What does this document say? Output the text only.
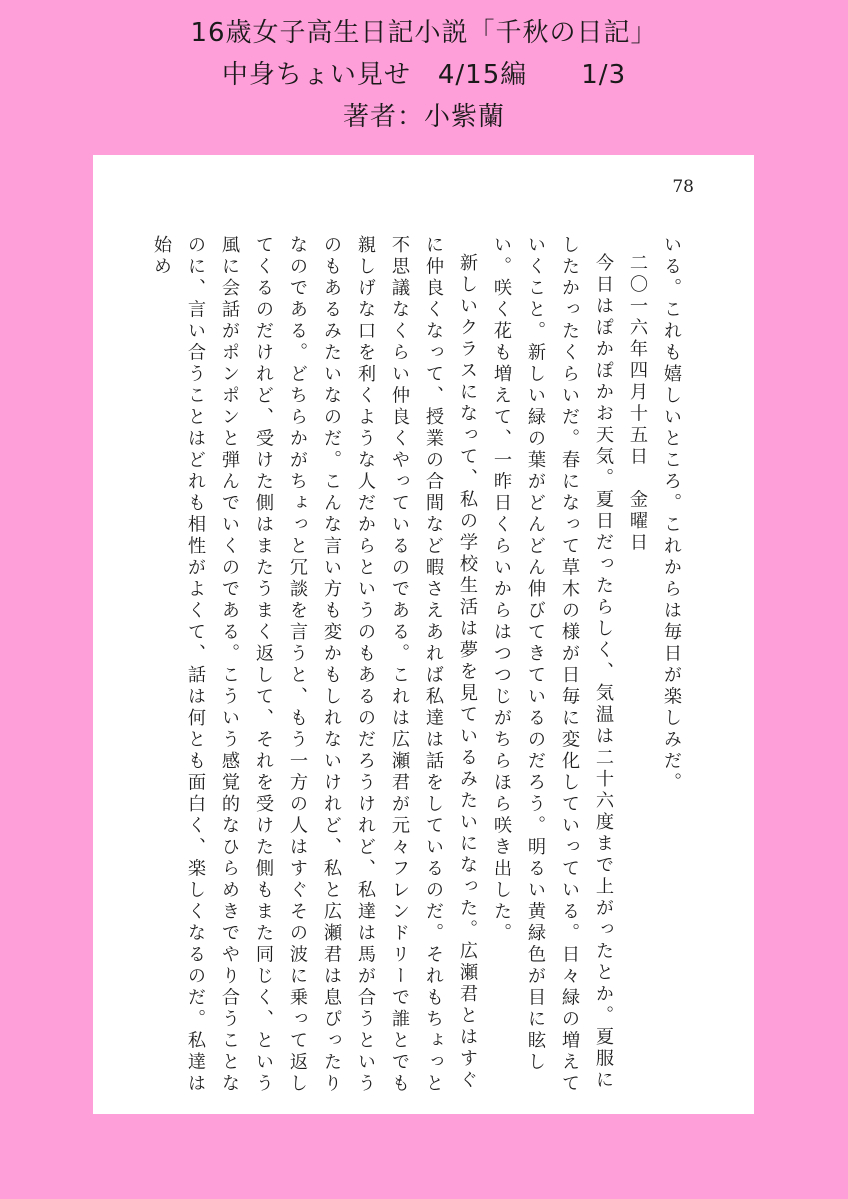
16歳女子高生日記小説「千秋の日記」
中身ちょい見せ　4/15編　　1/3
著者：小紫蘭
78

いる。これも嬉しいところ。これからは毎日が楽しみだ。

二〇一六年四月十五日　金曜日

今日はぽかぽかお天気。夏日だったらしく、気温は二十六度まで上がったとか。夏服にしたかったくらいだ。春になって草木の様が日毎に変化していっている。日々緑の増えていくこと。新しい緑の葉がどんどん伸びてきているのだろう。明るい黄緑色が目に眩しい。咲く花も増えて、一昨日くらいからはつつじがちらほら咲き出した。

新しいクラスになって、私の学校生活は夢を見ているみたいになった。広瀬君とはすぐに仲良くなって、授業の合間など暇さえあれば私達は話をしているのだ。それもちょっと不思議なくらい仲良くやっているのである。これは広瀬君が元々フレンドリーで誰とでも親しげな口を利くような人だからというのもあるのだろうけれど、私達は馬が合うというのもあるみたいなのだ。こんな言い方も変かもしれないけれど、私と広瀬君は息ぴったりなのである。どちらかがちょっと冗談を言うと、もう一方の人はすぐその波に乗って返してくるのだけれど、受けた側はまたうまく返して、それを受けた側もまた同じく、という風に会話がポンポンと弾んでいくのである。こういう感覚的なひらめきでやり合うことなのに、言い合うことはどれも相性がよくて、話は何とも面白く、楽しくなるのだ。私達は始め
